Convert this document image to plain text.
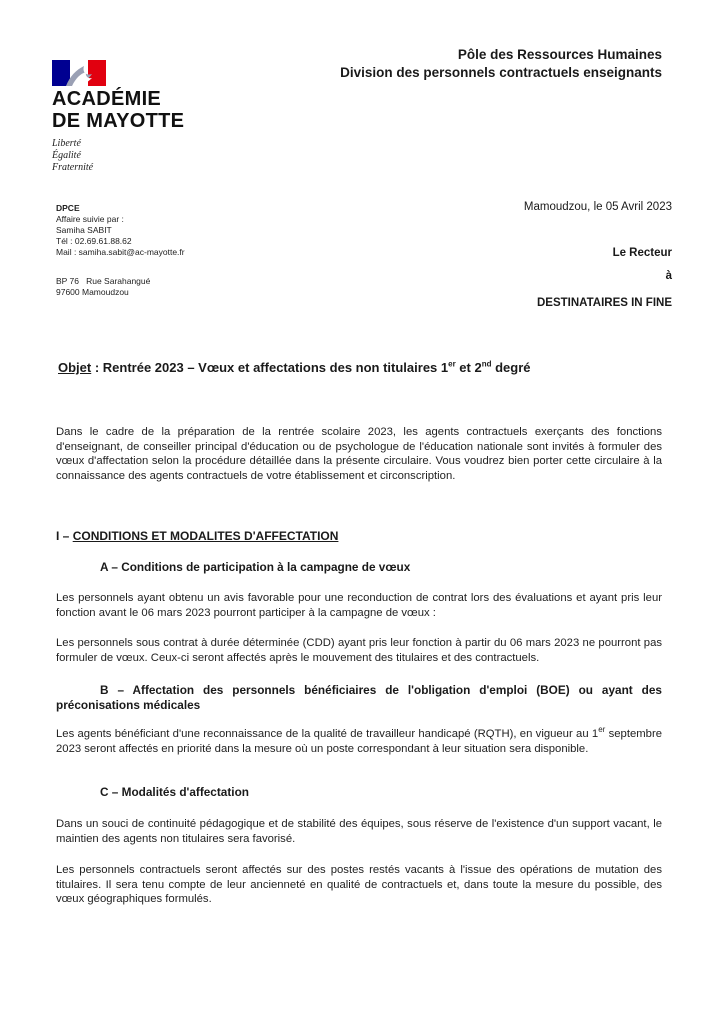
ACADÉMIE
DE MAYOTTE
Liberté
Égalité
Fraternité
Pôle des Ressources Humaines
Division des personnels contractuels enseignants
DPCE
Affaire suivie par :
Samiha SABIT
Tél : 02.69.61.88.62
Mail : samiha.sabit@ac-mayotte.fr
BP 76   Rue Sarahangué
97600 Mamoudzou
Mamoudzou, le 05 Avril 2023
Le Recteur
à
DESTINATAIRES IN FINE
Objet : Rentrée 2023 – Vœux et affectations des non titulaires 1er et 2nd degré
Dans le cadre de la préparation de la rentrée scolaire 2023, les agents contractuels exerçants des fonctions d'enseignant, de conseiller principal d'éducation ou de psychologue de l'éducation nationale sont invités à formuler des vœux d'affectation selon la procédure détaillée dans la présente circulaire. Vous voudrez bien porter cette circulaire à la connaissance des agents contractuels de votre établissement et circonscription.
I – CONDITIONS ET MODALITES D'AFFECTATION
A – Conditions de participation à la campagne de vœux
Les personnels ayant obtenu un avis favorable pour une reconduction de contrat lors des évaluations et ayant pris leur fonction avant le 06 mars 2023 pourront participer à la campagne de vœux :
Les personnels sous contrat à durée déterminée (CDD) ayant pris leur fonction à partir du 06 mars 2023 ne pourront pas formuler de vœux. Ceux-ci seront affectés après le mouvement des titulaires et des contractuels.
B – Affectation des personnels bénéficiaires de l'obligation d'emploi (BOE) ou ayant des préconisations médicales
Les agents bénéficiant d'une reconnaissance de la qualité de travailleur handicapé (RQTH), en vigueur au 1er septembre 2023 seront affectés en priorité dans la mesure où un poste correspondant à leur situation sera disponible.
C – Modalités d'affectation
Dans un souci de continuité pédagogique et de stabilité des équipes, sous réserve de l'existence d'un support vacant, le maintien des agents non titulaires sera favorisé.
Les personnels contractuels seront affectés sur des postes restés vacants à l'issue des opérations de mutation des titulaires. Il sera tenu compte de leur ancienneté en qualité de contractuels et, dans toute la mesure du possible, des vœux géographiques formulés.
